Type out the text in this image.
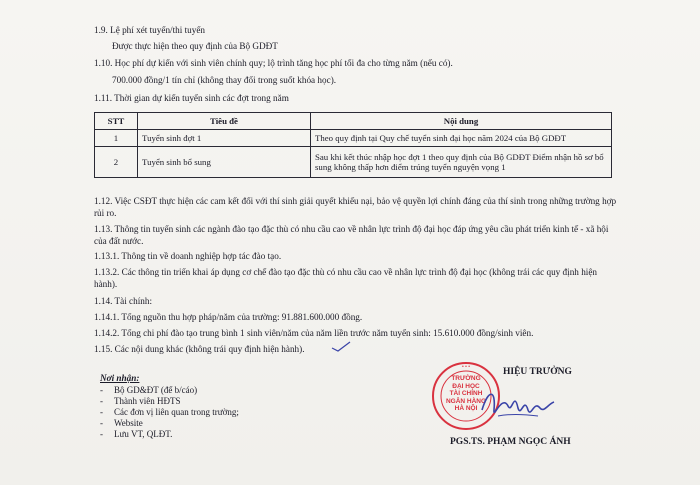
1.9. Lệ phí xét tuyển/thi tuyển
Được thực hiện theo quy định của Bộ GDĐT
1.10. Học phí dự kiến với sinh viên chính quy; lộ trình tăng học phí tối đa cho từng năm (nếu có).
700.000 đồng/1 tín chỉ (không thay đổi trong suốt khóa học).
1.11. Thời gian dự kiến tuyển sinh các đợt trong năm
STT	Tiêu đề	Nội dung
1	Tuyển sinh đợt 1	Theo quy định tại Quy chế tuyển sinh đại học năm 2024 của Bộ GDĐT
2	Tuyển sinh bổ sung	Sau khi kết thúc nhập học đợt 1 theo quy định của Bộ GDĐT Điểm nhận hồ sơ bổ sung không thấp hơn điểm trúng tuyển nguyện vọng 1
1.12. Việc CSĐT thực hiện các cam kết đối với thí sinh giải quyết khiếu nại, bảo vệ quyền lợi chính đáng của thí sinh trong những trường hợp
rủi ro.
1.13. Thông tin tuyển sinh các ngành đào tạo đặc thù có nhu cầu cao về nhân lực trình độ đại học đáp ứng yêu cầu phát triển kinh tế - xã hội
của đất nước.
1.13.1. Thông tin về doanh nghiệp hợp tác đào tạo.
1.13.2. Các thông tin triển khai áp dụng cơ chế đào tạo đặc thù có nhu cầu cao về nhân lực trình độ đại học (không trái các quy định hiện
hành).
1.14. Tài chính:
1.14.1. Tổng nguồn thu hợp pháp/năm của trường: 91.881.600.000 đồng.
1.14.2. Tổng chi phí đào tạo trung bình 1 sinh viên/năm của năm liền trước năm tuyển sinh: 15.610.000 đồng/sinh viên.
1.15. Các nội dung khác (không trái quy định hiện hành).
Nơi nhận:
- Bộ GD&ĐT (để b/cáo)
- Thành viên HĐTS
- Các đơn vị liên quan trong trường;
- Website
- Lưu VT, QLĐT.
HIỆU TRƯỞNG
• • •
TRƯỜNG
ĐẠI HỌC
TÀI CHÍNH
NGÂN HÀNG
HÀ NỘI
PGS.TS. PHẠM NGỌC ÁNH
